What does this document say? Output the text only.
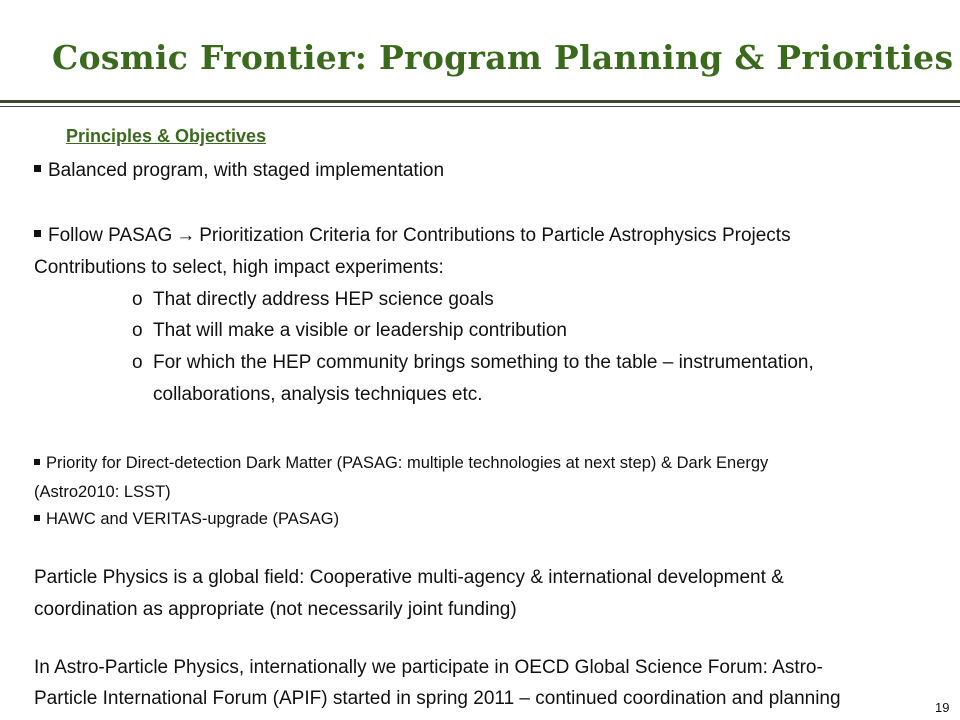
Cosmic Frontier: Program Planning & Priorities
Principles & Objectives
Balanced program, with staged implementation
Follow PASAG → Prioritization Criteria for Contributions to Particle Astrophysics Projects
Contributions to select, high impact experiments:
o That directly address HEP science goals
o That will make a visible or leadership contribution
o For which the HEP community brings something to the table – instrumentation,
collaborations, analysis techniques etc.
Priority for Direct-detection Dark Matter (PASAG: multiple technologies at next step) & Dark Energy
(Astro2010: LSST)
HAWC and VERITAS-upgrade (PASAG)
Particle Physics is a global field: Cooperative multi-agency & international development &
coordination as appropriate (not necessarily joint funding)
In Astro-Particle Physics, internationally we participate in OECD Global Science Forum: Astro-
Particle International Forum (APIF) started in spring 2011 – continued coordination and planning	19
